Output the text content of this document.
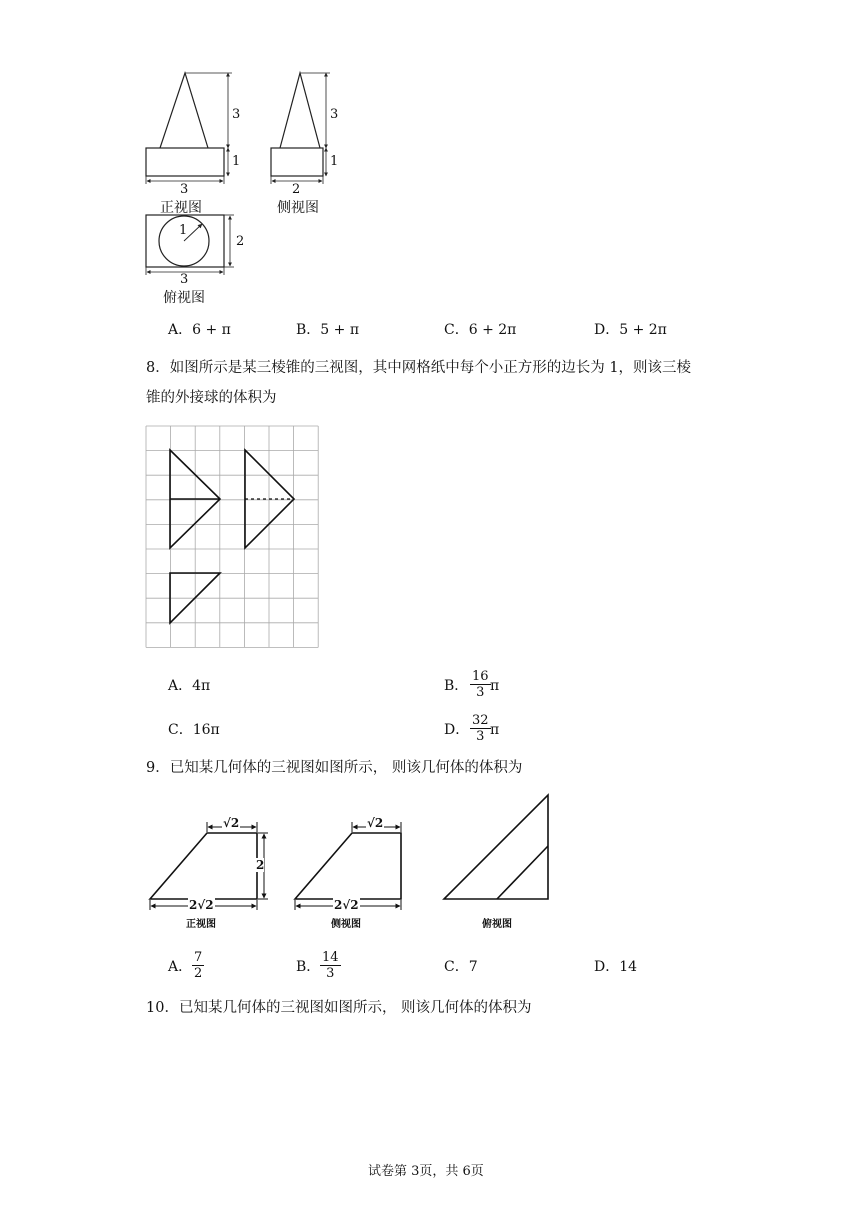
3
1
3
正视图
3
1
2
侧视图
1
2
3
俯视图
A．6 + π	B．5 + π	C．6 + 2π	D．5 + 2π
8．如图所示是某三棱锥的三视图，其中网格纸中每个小正方形的边长为 1，则该三棱
锥的外接球的体积为
A．4π	B． $\frac{16}{3}$ π
C．16π	D． $\frac{32}{3}$ π
9．已知某几何体的三视图如图所示， 则该几何体的体积为
√2
2
2√2
正视图
√2
2√2
侧视图	俯视图
A． $\frac{7}{2}$	B． $\frac{14}{3}$	C．7	D．14
10．已知某几何体的三视图如图所示， 则该几何体的体积为
试卷第 3页，共 6页
